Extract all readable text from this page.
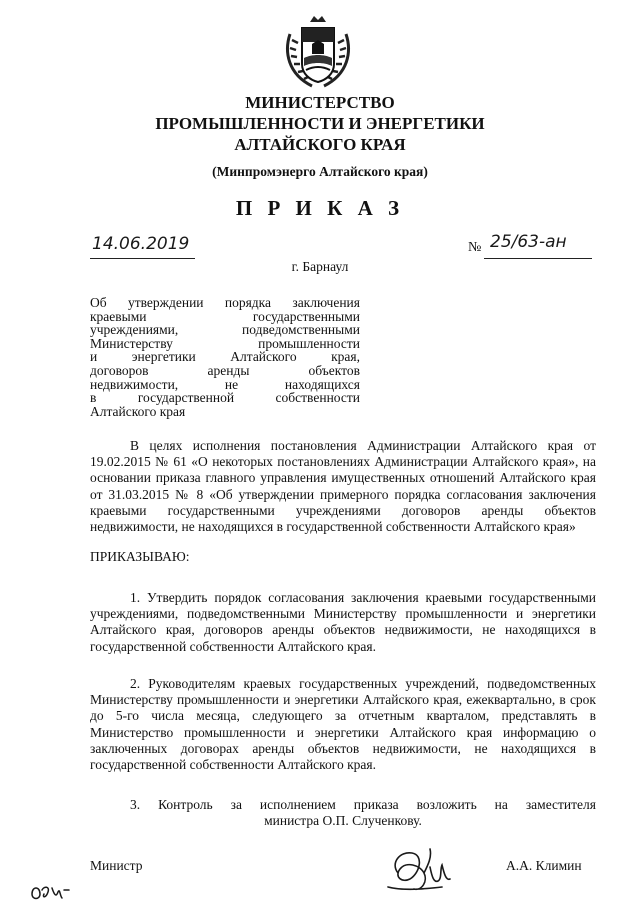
МИНИСТЕРСТВО
ПРОМЫШЛЕННОСТИ И ЭНЕРГЕТИКИ
АЛТАЙСКОГО КРАЯ
(Минпромэнерго Алтайского края)
П Р И К А З
14.06.2019	№ 25/63-ан
г. Барнаул
Об утверждении порядка заключения
краевыми государственными
учреждениями, подведомственными
Министерству промышленности
и энергетики Алтайского края,
договоров аренды объектов
недвижимости, не находящихся
в государственной собственности
Алтайского края

В целях исполнения постановления Администрации Алтайского края от 19.02.2015 № 61 «О некоторых постановлениях Администрации Алтайского края», на основании приказа главного управления имущественных отношений Алтайского края от 31.03.2015 № 8 «Об утверждении примерного порядка согласования заключения краевыми государственными учреждениями договоров аренды объектов недвижимости, не находящихся в государственной собственности Алтайского края»

ПРИКАЗЫВАЮ:

1. Утвердить порядок согласования заключения краевыми государственными учреждениями, подведомственными Министерству промышленности и энергетики Алтайского края, договоров аренды объектов недвижимости, не находящихся в государственной собственности Алтайского края.

2. Руководителям краевых государственных учреждений, подведомственных Министерству промышленности и энергетики Алтайского края, ежеквартально, в срок до 5-го числа месяца, следующего за отчетным кварталом, представлять в Министерство промышленности и энергетики Алтайского края информацию о заключенных договорах аренды объектов недвижимости, не находящихся в государственной собственности Алтайского края.

3. Контроль за исполнением приказа возложить на заместителя

министра О.П. Слученкову.

Министр	А.А. Климин
